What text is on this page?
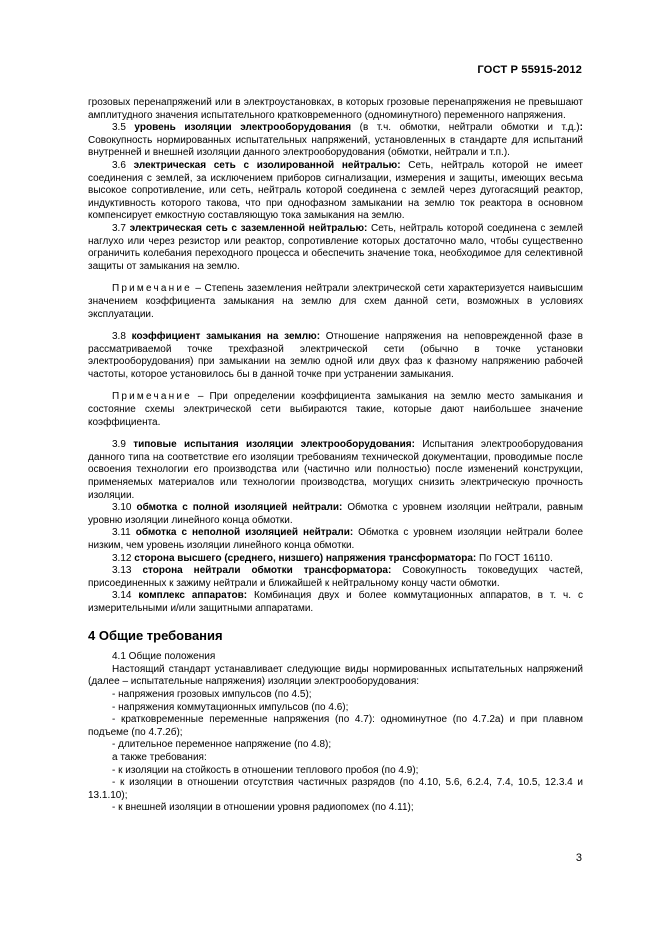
ГОСТ Р 55915-2012

грозовых перенапряжений или в электроустановках, в которых грозовые перенапряжения не превышают амплитудного значения испытательного кратковременного (одноминутного) переменного напряжения.

3.5 уровень изоляции электрооборудования (в т.ч. обмотки, нейтрали обмотки и т.д.): Совокупность нормированных испытательных напряжений, установленных в стандарте для испытаний внутренней и внешней изоляции данного электрооборудования (обмотки, нейтрали и т.п.).

3.6 электрическая сеть с изолированной нейтралью: Сеть, нейтраль которой не имеет соединения с землей, за исключением приборов сигнализации, измерения и защиты, имеющих весьма высокое сопротивление, или сеть, нейтраль которой соединена с землей через дугогасящий реактор, индуктивность которого такова, что при однофазном замыкании на землю ток реактора в основном компенсирует емкостную составляющую тока замыкания на землю.

3.7 электрическая сеть с заземленной нейтралью: Сеть, нейтраль которой соединена с землей наглухо или через резистор или реактор, сопротивление которых достаточно мало, чтобы существенно ограничить колебания переходного процесса и обеспечить значение тока, необходимое для селективной защиты от замыкания на землю.

Примечание – Степень заземления нейтрали электрической сети характеризуется наивысшим значением коэффициента замыкания на землю для схем данной сети, возможных в условиях эксплуатации.

3.8 коэффициент замыкания на землю: Отношение напряжения на неповрежденной фазе в рассматриваемой точке трехфазной электрической сети (обычно в точке установки электрооборудования) при замыкании на землю одной или двух фаз к фазному напряжению рабочей частоты, которое установилось бы в данной точке при устранении замыкания.

Примечание – При определении коэффициента замыкания на землю место замыкания и состояние схемы электрической сети выбираются такие, которые дают наибольшее значение коэффициента.

3.9 типовые испытания изоляции электрооборудования: Испытания электрооборудования данного типа на соответствие его изоляции требованиям технической документации, проводимые после освоения технологии его производства или (частично или полностью) после изменений конструкции, применяемых материалов или технологии производства, могущих снизить электрическую прочность изоляции.

3.10 обмотка с полной изоляцией нейтрали: Обмотка с уровнем изоляции нейтрали, равным уровню изоляции линейного конца обмотки.

3.11 обмотка с неполной изоляцией нейтрали: Обмотка с уровнем изоляции нейтрали более низким, чем уровень изоляции линейного конца обмотки.

3.12 сторона высшего (среднего, низшего) напряжения трансформатора: По ГОСТ 16110.

3.13 сторона нейтрали обмотки трансформатора: Совокупность токоведущих частей, присоединенных к зажиму нейтрали и ближайшей к нейтральному концу части обмотки.

3.14 комплекс аппаратов: Комбинация двух и более коммутационных аппаратов, в т. ч. с измерительными и/или защитными аппаратами.

4 Общие требования

4.1 Общие положения

Настоящий стандарт устанавливает следующие виды нормированных испытательных напряжений (далее – испытательные напряжения) изоляции электрооборудования:

- напряжения грозовых импульсов (по 4.5);

- напряжения коммутационных импульсов (по 4.6);

- кратковременные переменные напряжения (по 4.7): одноминутное (по 4.7.2а) и при плавном подъеме (по 4.7.2б);

- длительное переменное напряжение (по 4.8);

а также требования:

- к изоляции на стойкость в отношении теплового пробоя (по 4.9);

- к изоляции в отношении отсутствия частичных разрядов (по 4.10, 5.6, 6.2.4, 7.4, 10.5, 12.3.4 и 13.1.10);

- к внешней изоляции в отношении уровня радиопомех (по 4.11);

3
